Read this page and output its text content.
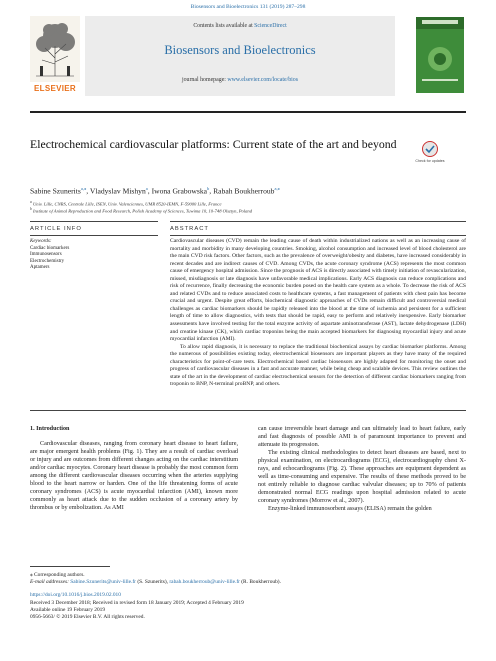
Biosensors and Bioelectronics 131 (2019) 287–298
ELSEVIER
Contents lists available at ScienceDirect
Biosensors and Bioelectronics
journal homepage: www.elsevier.com/locate/bios
Electrochemical cardiovascular platforms: Current state of the art and beyond
Check for updates
Sabine Szunerits$^{a,⁎}$, Vladyslav Mishyn$^a$, Iwona Grabowska$^b$, Rabah Boukherroub$^{a,⁎}$
$^a$ Univ. Lille, CNRS, Centrale Lille, ISEN, Univ. Valenciennes, UMR 8520-IEMN, F-59000 Lille, France
$^b$ Institute of Animal Reproduction and Food Research, Polish Academy of Sciences, Tuwima 10, 10-748 Olsztyn, Poland
ARTICLE INFO	ABSTRACT
Keywords:
Cardiac biomarkers
Immunosensors
Electrochemistry
Aptamers

Cardiovascular diseases (CVD) remain the leading cause of death within industrialized nations as well as an increasing cause of mortality and morbidity in many developing countries. Smoking, alcohol consumption and increased level of blood cholesterol are the main CVD risk factors. Other factors, such as the prevalence of overweight/obesity and diabetes, have increased considerably in recent decades and are indirect causes of CVD. Among CVDs, the acute coronary syndrome (ACS) represents the most common cause of emergency hospital admission. Since the prognosis of ACS is directly associated with timely initiation of revascularization, missed, misdiagnosis or late diagnosis have unfavorable medical implications. Early ACS diagnosis can reduce complications and risk of recurrence, finally decreasing the economic burden posed on the health care system as a whole. To decrease the risk of ACS and related CVDs and to reduce associated costs to healthcare systems, a fast management of patients with chest pain has become crucial and urgent. Despite great efforts, biochemical diagnostic approaches of CVDs remain difficult and controversial medical challenges as cardiac biomarkers should be rapidly released into the blood at the time of ischemia and persistent for a sufficient length of time to allow diagnostics, with tests that should be rapid, easy to perform and relatively inexpensive. Early biomarker assessments have involved testing for the total enzyme activity of aspartate aminotransferase (AST), lactate dehydrogenase (LDH) and creatine kinase (CK), which cardiac troponins being the main accepted biomarkers for diagnosing myocardial injury and acute myocardial infarction (AMI).

To allow rapid diagnosis, it is necessary to replace the traditional biochemical assays by cardiac biomarker platforms. Among the numerous of possibilities existing today, electrochemical biosensors are important players as they have many of the required characteristics for point-of-care tests. Electrochemical based cardiac biosensors are highly adapted for monitoring the onset and progress of cardiovascular diseases in a fast and accurate manner, while being cheap and scalable devices. This review outlines the state of the art in the development of cardiac electrochemical sensors for the detection of different cardiac biomarkers ranging from troponin to BNP, N-terminal proBNP, and others.

1. Introduction

Cardiovascular diseases, ranging from coronary heart disease to heart failure, are major emergent health problems (Fig. 1). They are a result of cardiac overload or injury and are outcomes from different changes acting on the cardiac interstitium and/or cardiac myocytes. Coronary heart disease is probably the most common form among the different cardiovascular diseases occurring when the arteries supplying blood to the heart narrow or harden. One of the life threatening forms of acute coronary syndromes (ACS) is acute myocardial infarction (AMI), known more commonly as heart attack due to the sudden occlusion of a coronary artery by thrombus or by embolization. As AMI

can cause irreversible heart damage and can ultimately lead to heart failure, early and fast diagnosis of possible AMI is of paramount importance to prevent and attenuate its progression.

The existing clinical methodologies to detect heart diseases are based, next to physical examination, on electrocardiograms (ECG), electrocardiography chest X-rays, and echocardiograms (Fig. 2). These approaches are equipment dependent as well as time-consuming and expensive. The results of these methods proved to be not entirely reliable to diagnose cardiac valvular diseases; up to 70% of patients demonstrated normal ECG readings upon hospital admission related to acute coronary syndromes (Morrow et al., 2007).

Enzyme-linked immunosorbent assays (ELISA) remain the golden

⁎ Corresponding authors.
E-mail addresses: Sabine.Szunerits@univ-lille.fr (S. Szunerits), rabah.boukherroub@univ-lille.fr (R. Boukherroub).
https://doi.org/10.1016/j.bios.2019.02.010
Received 3 December 2018; Received in revised form 18 January 2019; Accepted 4 February 2019
Available online 19 February 2019
0956-5663/ © 2019 Elsevier B.V. All rights reserved.
